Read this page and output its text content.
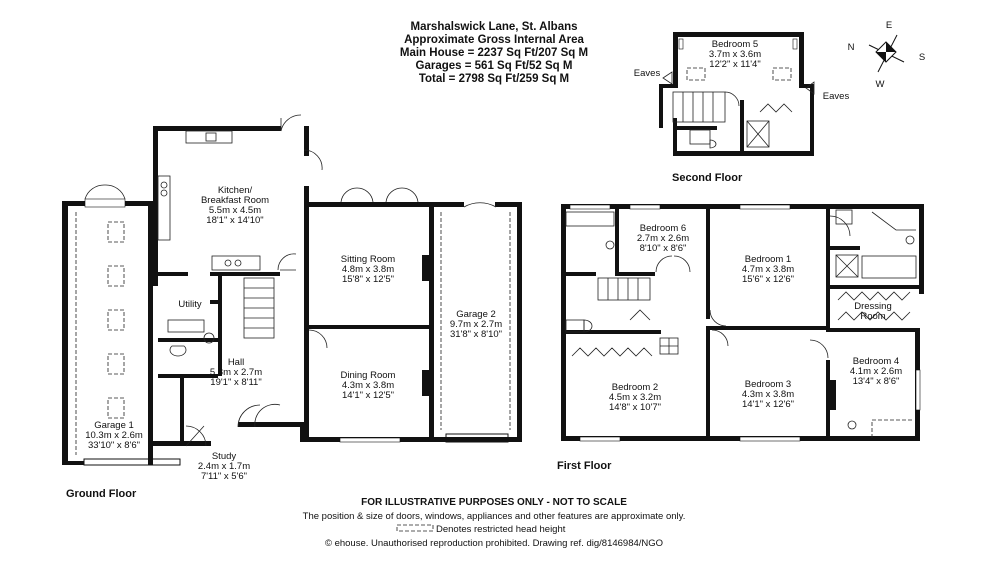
Marshalswick Lane, St. Albans
Approximate Gross Internal Area
Main House = 2237 Sq Ft/207 Sq M
Garages = 561 Sq Ft/52 Sq M
Total = 2798 Sq Ft/259 Sq M
E
N
S
W
Kitchen/
Breakfast Room
5.5m x 4.5m
18'1" x 14'10"
Sitting Room
4.8m x 3.8m
15'8" x 12'5"
Garage 2
9.7m x 2.7m
31'8" x 8'10"
Utility
Hall
5.8m x 2.7m
19'1" x 8'11"
Dining Room
4.3m x 3.8m
14'1" x 12'5"
Garage 1
10.3m x 2.6m
33'10" x 8'6"
Study
2.4m x 1.7m
7'11" x 5'6"
Ground Floor
Bedroom 6
2.7m x 2.6m
8'10" x 8'6"
Bedroom 1
4.7m x 3.8m
15'6" x 12'6"
Dressing
Room
Bedroom 4
4.1m x 2.6m
13'4" x 8'6"
Bedroom 2
4.5m x 3.2m
14'8" x 10'7"
Bedroom 3
4.3m x 3.8m
14'1" x 12'6"
First Floor
Bedroom 5
3.7m x 3.6m
12'2" x 11'4"
Eaves
Eaves
Second Floor
FOR ILLUSTRATIVE PURPOSES ONLY - NOT TO SCALE
The position & size of doors, windows, appliances and other features are approximate only.
Denotes restricted head height
© ehouse. Unauthorised reproduction prohibited. Drawing ref. dig/8146984/NGO
